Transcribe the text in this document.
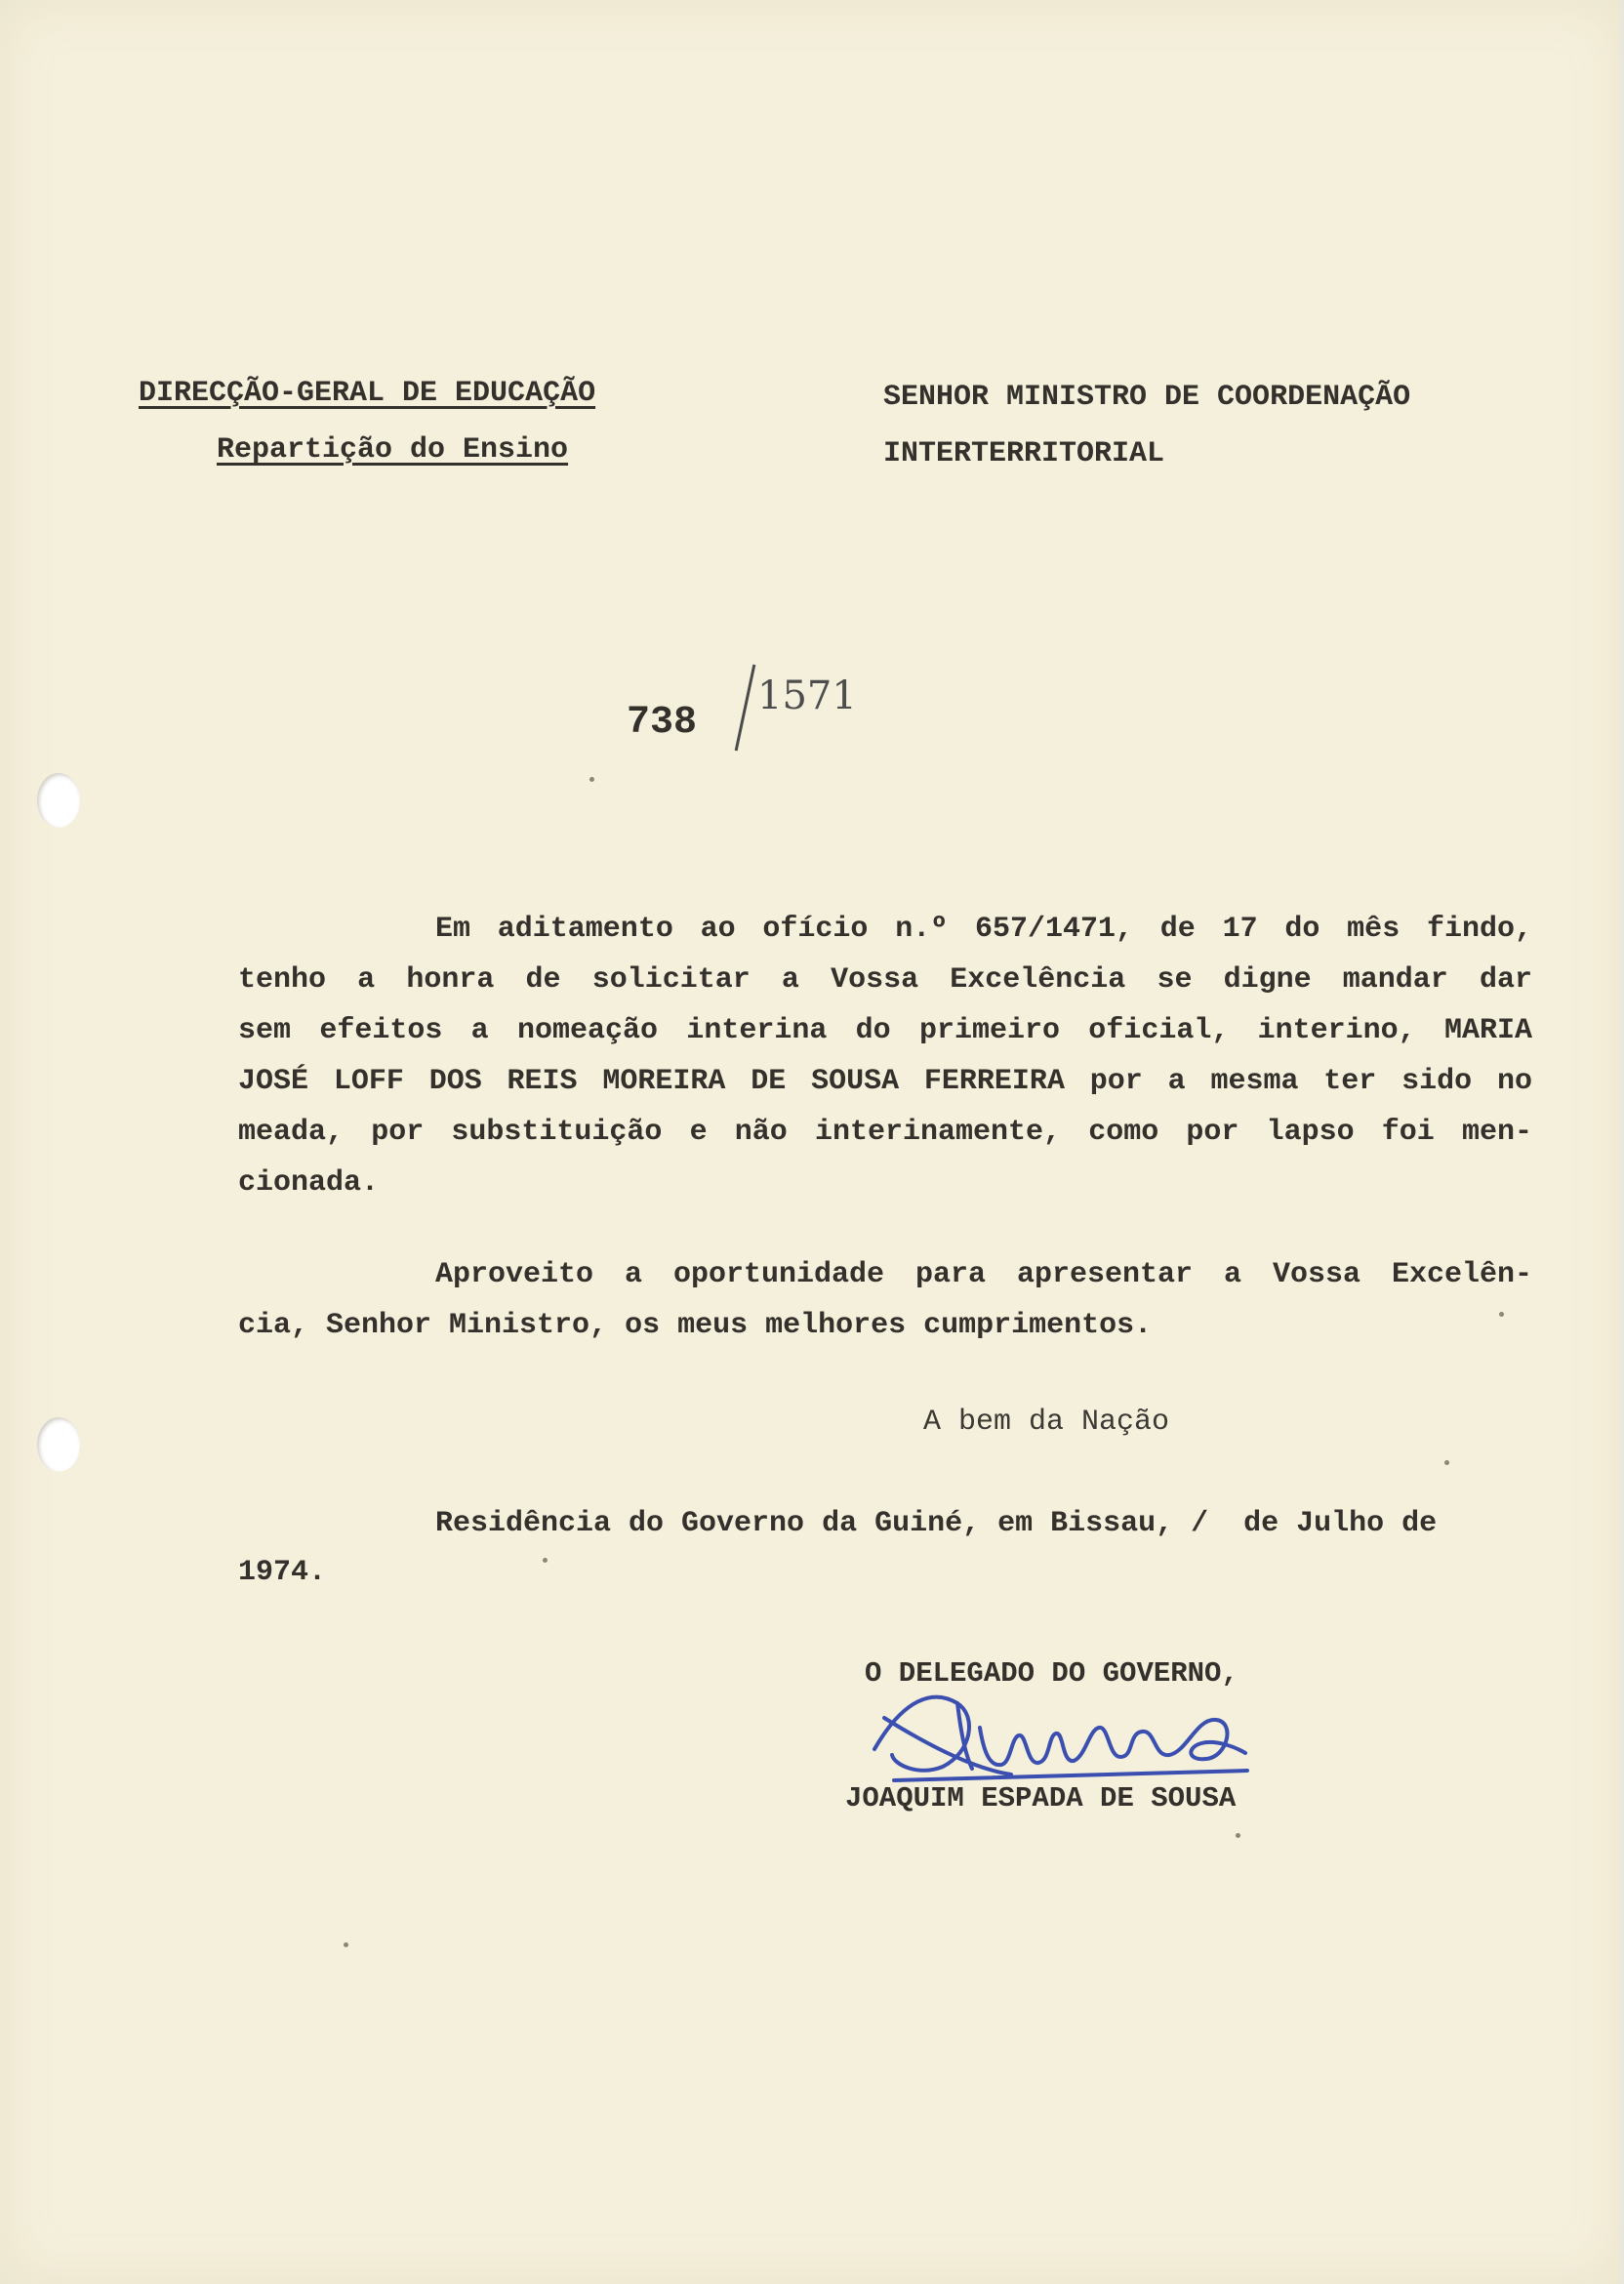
DIRECÇÃO-GERAL DE EDUCAÇÃO
Repartição do Ensino
SENHOR MINISTRO DE COORDENAÇÃO
INTERTERRITORIAL
738
1571
Em aditamento ao ofício n.º 657/1471, de 17 do mês findo,
tenho a honra de solicitar a Vossa Excelência se digne mandar dar
sem efeitos a nomeação interina do primeiro oficial, interino, MARIA
JOSÉ LOFF DOS REIS MOREIRA DE SOUSA FERREIRA por a mesma ter sido no
meada, por substituição e não interinamente, como por lapso foi men-
cionada.
Aproveito a oportunidade para apresentar a Vossa Excelên-
cia, Senhor Ministro, os meus melhores cumprimentos.
A bem da Nação
Residência do Governo da Guiné, em Bissau, /  de Julho de
1974.
O DELEGADO DO GOVERNO,
JOAQUIM ESPADA DE SOUSA
